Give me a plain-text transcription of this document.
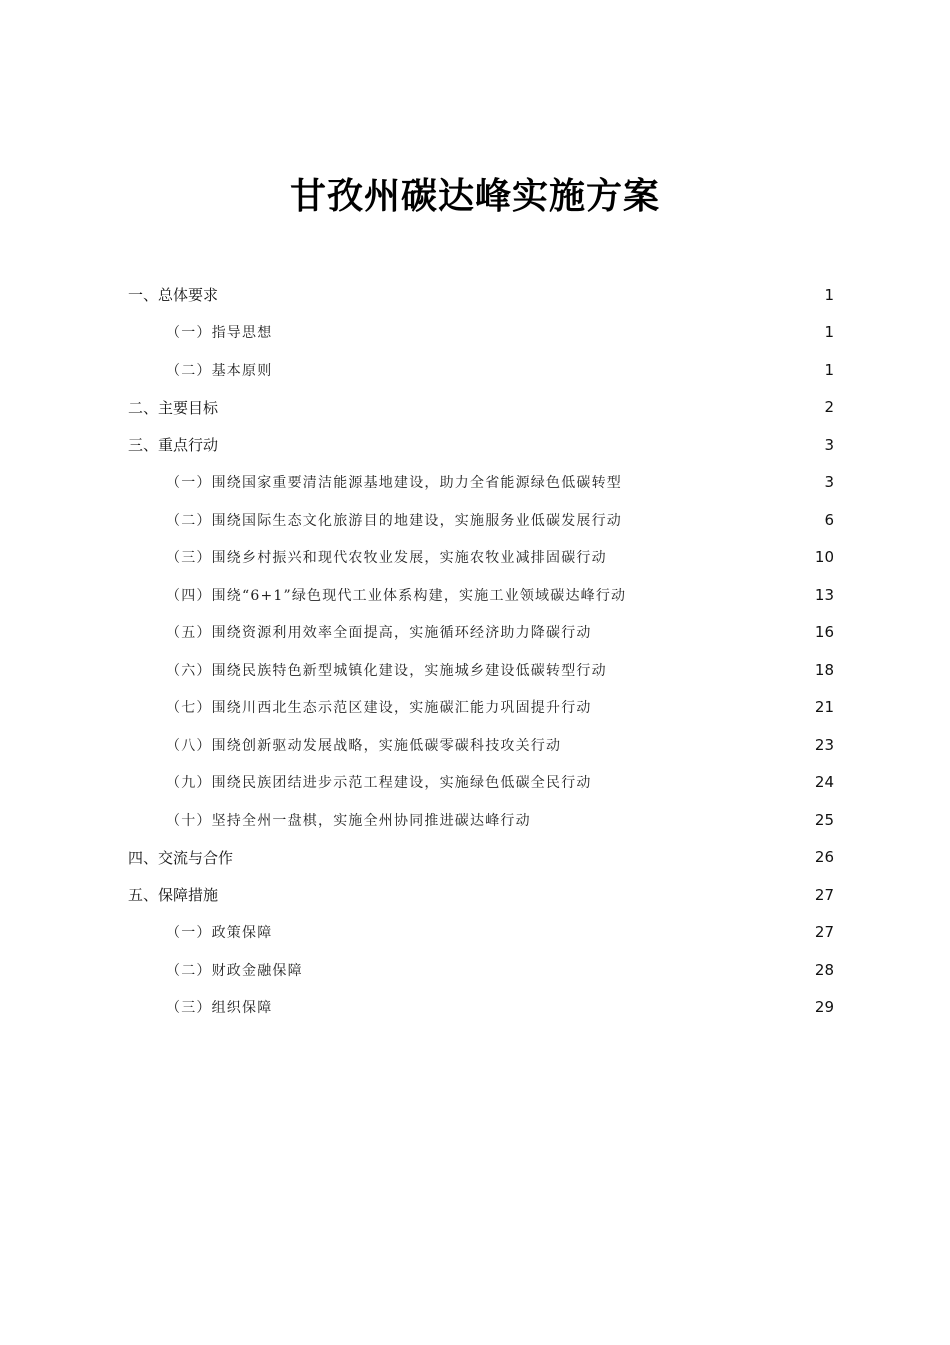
甘孜州碳达峰实施方案
一、总体要求	1
（一）指导思想	1
（二）基本原则	1
二、主要目标	2
三、重点行动	3
（一）围绕国家重要清洁能源基地建设，助力全省能源绿色低碳转型	3
（二）围绕国际生态文化旅游目的地建设，实施服务业低碳发展行动	6
（三）围绕乡村振兴和现代农牧业发展，实施农牧业减排固碳行动	10
（四）围绕“6+1”绿色现代工业体系构建，实施工业领域碳达峰行动	13
（五）围绕资源利用效率全面提高，实施循环经济助力降碳行动	16
（六）围绕民族特色新型城镇化建设，实施城乡建设低碳转型行动	18
（七）围绕川西北生态示范区建设，实施碳汇能力巩固提升行动	21
（八）围绕创新驱动发展战略，实施低碳零碳科技攻关行动	23
（九）围绕民族团结进步示范工程建设，实施绿色低碳全民行动	24
（十）坚持全州一盘棋，实施全州协同推进碳达峰行动	25
四、交流与合作	26
五、保障措施	27
（一）政策保障	27
（二）财政金融保障	28
（三）组织保障	29
